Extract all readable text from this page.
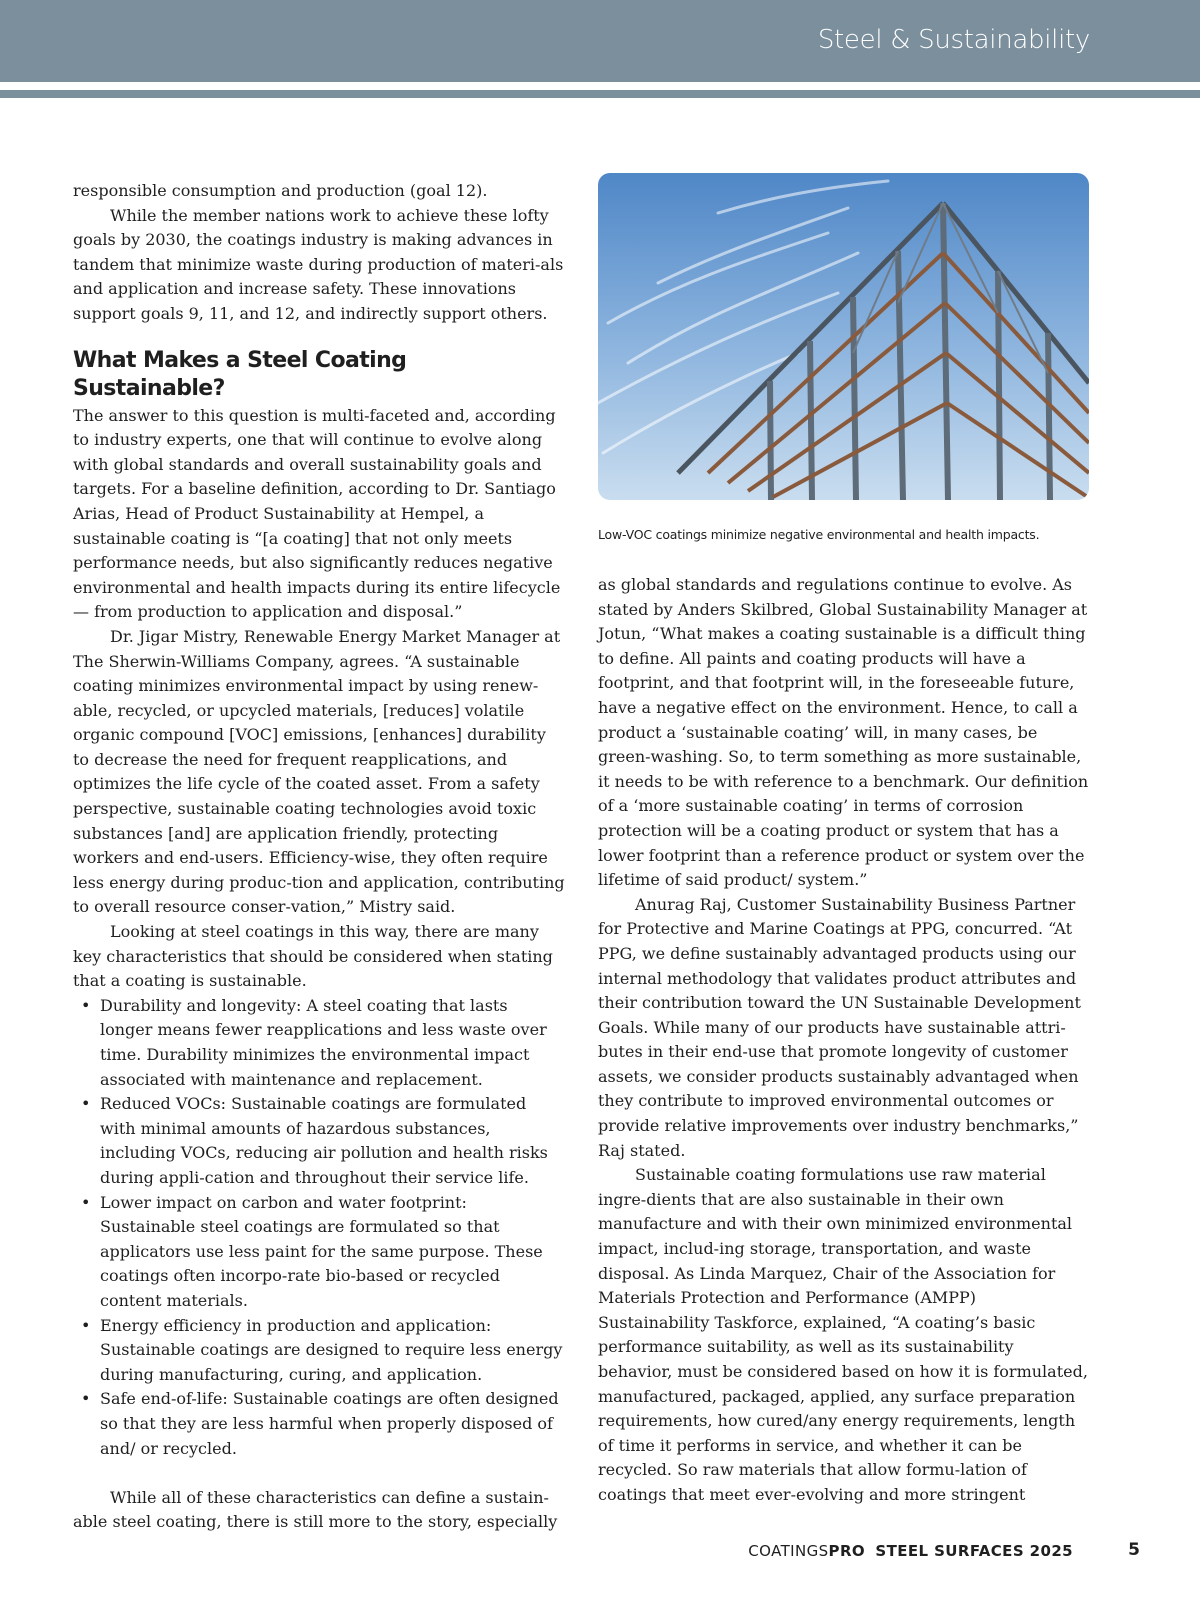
Steel & Sustainability

responsible consumption and production (goal 12).

While the member nations work to achieve these lofty goals by 2030, the coatings industry is making advances in tandem that minimize waste during production of materi-als and application and increase safety. These innovations support goals 9, 11, and 12, and indirectly support others.

What Makes a Steel Coating Sustainable?

The answer to this question is multi-faceted and, according to industry experts, one that will continue to evolve along with global standards and overall sustainability goals and targets. For a baseline definition, according to Dr. Santiago Arias, Head of Product Sustainability at Hempel, a sustainable coating is “[a coating] that not only meets performance needs, but also significantly reduces negative environmental and health impacts during its entire lifecycle — from production to application and disposal.”

Dr. Jigar Mistry, Renewable Energy Market Manager at The Sherwin-Williams Company, agrees. “A sustainable coating minimizes environmental impact by using renew-able, recycled, or upcycled materials, [reduces] volatile organic compound [VOC] emissions, [enhances] durability to decrease the need for frequent reapplications, and optimizes the life cycle of the coated asset. From a safety perspective, sustainable coating technologies avoid toxic substances [and] are application friendly, protecting workers and end-users. Efficiency-wise, they often require less energy during produc-tion and application, contributing to overall resource conser-vation,” Mistry said.

Looking at steel coatings in this way, there are many key characteristics that should be considered when stating that a coating is sustainable.

• Durability and longevity: A steel coating that lasts longer means fewer reapplications and less waste over time. Durability minimizes the environmental impact associated with maintenance and replacement.
• Reduced VOCs: Sustainable coatings are formulated with minimal amounts of hazardous substances, including VOCs, reducing air pollution and health risks during appli-cation and throughout their service life.
• Lower impact on carbon and water footprint: Sustainable steel coatings are formulated so that applicators use less paint for the same purpose. These coatings often incorpo-rate bio-based or recycled content materials.
• Energy efficiency in production and application: Sustainable coatings are designed to require less energy during manufacturing, curing, and application.
• Safe end-of-life: Sustainable coatings are often designed so that they are less harmful when properly disposed of and/ or recycled.

While all of these characteristics can define a sustain-able steel coating, there is still more to the story, especially

Low-VOC coatings minimize negative environmental and health impacts.

as global standards and regulations continue to evolve. As stated by Anders Skilbred, Global Sustainability Manager at Jotun, “What makes a coating sustainable is a difficult thing to define. All paints and coating products will have a footprint, and that footprint will, in the foreseeable future, have a negative effect on the environment. Hence, to call a product a ‘sustainable coating’ will, in many cases, be green-washing. So, to term something as more sustainable, it needs to be with reference to a benchmark. Our definition of a ‘more sustainable coating’ in terms of corrosion protection will be a coating product or system that has a lower footprint than a reference product or system over the lifetime of said product/ system.”

Anurag Raj, Customer Sustainability Business Partner for Protective and Marine Coatings at PPG, concurred. “At PPG, we define sustainably advantaged products using our internal methodology that validates product attributes and their contribution toward the UN Sustainable Development Goals. While many of our products have sustainable attri-butes in their end-use that promote longevity of customer assets, we consider products sustainably advantaged when they contribute to improved environmental outcomes or provide relative improvements over industry benchmarks,” Raj stated.

Sustainable coating formulations use raw material ingre-dients that are also sustainable in their own manufacture and with their own minimized environmental impact, includ-ing storage, transportation, and waste disposal. As Linda Marquez, Chair of the Association for Materials Protection and Performance (AMPP) Sustainability Taskforce, explained, “A coating’s basic performance suitability, as well as its sustainability behavior, must be considered based on how it is formulated, manufactured, packaged, applied, any surface preparation requirements, how cured/any energy requirements, length of time it performs in service, and whether it can be recycled. So raw materials that allow formu-lation of coatings that meet ever-evolving and more stringent

COATINGSPRO STEEL SURFACES 2025	5
